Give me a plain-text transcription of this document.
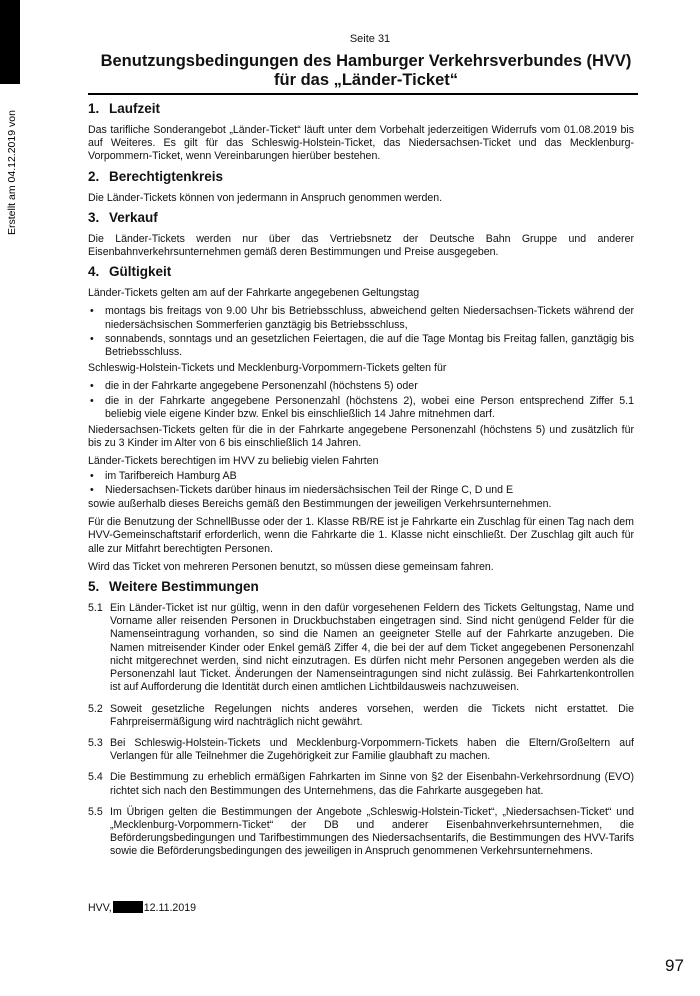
Erstellt am 04.12.2019 von
Seite 31
Benutzungsbedingungen des Hamburger Verkehrsverbundes (HVV)
für das „Länder-Ticket“
1. Laufzeit

Das tarifliche Sonderangebot „Länder-Ticket“ läuft unter dem Vorbehalt jederzeitigen Widerrufs vom 01.08.2019 bis auf Weiteres. Es gilt für das Schleswig-Holstein-Ticket, das Niedersachsen-Ticket und das Mecklenburg-Vorpommern-Ticket, wenn Vereinbarungen hierüber bestehen.

2. Berechtigtenkreis

Die Länder-Tickets können von jedermann in Anspruch genommen werden.

3. Verkauf

Die Länder-Tickets werden nur über das Vertriebsnetz der Deutsche Bahn Gruppe und anderer Eisenbahnverkehrsunternehmen gemäß deren Bestimmungen und Preise ausgegeben.

4. Gültigkeit

Länder-Tickets gelten am auf der Fahrkarte angegebenen Geltungstag

• montags bis freitags von 9.00 Uhr bis Betriebsschluss, abweichend gelten Niedersachsen-Tickets während der niedersächsischen Sommerferien ganztägig bis Betriebsschluss,
• sonnabends, sonntags und an gesetzlichen Feiertagen, die auf die Tage Montag bis Freitag fallen, ganztägig bis Betriebsschluss.

Schleswig-Holstein-Tickets und Mecklenburg-Vorpommern-Tickets gelten für

• die in der Fahrkarte angegebene Personenzahl (höchstens 5) oder
• die in der Fahrkarte angegebene Personenzahl (höchstens 2), wobei eine Person entsprechend Ziffer 5.1 beliebig viele eigene Kinder bzw. Enkel bis einschließlich 14 Jahre mitnehmen darf.

Niedersachsen-Tickets gelten für die in der Fahrkarte angegebene Personenzahl (höchstens 5) und zusätzlich für bis zu 3 Kinder im Alter von 6 bis einschließlich 14 Jahren.

Länder-Tickets berechtigen im HVV zu beliebig vielen Fahrten

• im Tarifbereich Hamburg AB
• Niedersachsen-Tickets darüber hinaus im niedersächsischen Teil der Ringe C, D und E

sowie außerhalb dieses Bereichs gemäß den Bestimmungen der jeweiligen Verkehrsunternehmen.

Für die Benutzung der SchnellBusse oder der 1. Klasse RB/RE ist je Fahrkarte ein Zuschlag für einen Tag nach dem HVV-Gemeinschaftstarif erforderlich, wenn die Fahrkarte die 1. Klasse nicht einschließt. Der Zuschlag gilt auch für alle zur Mitfahrt berechtigten Personen.

Wird das Ticket von mehreren Personen benutzt, so müssen diese gemeinsam fahren.

5. Weitere Bestimmungen
5.1 Ein Länder-Ticket ist nur gültig, wenn in den dafür vorgesehenen Feldern des Tickets Geltungstag, Name und Vorname aller reisenden Personen in Druckbuchstaben eingetragen sind. Sind nicht genügend Felder für die Namenseintragung vorhanden, so sind die Namen an geeigneter Stelle auf der Fahrkarte anzugeben. Die Namen mitreisender Kinder oder Enkel gemäß Ziffer 4, die bei der auf dem Ticket angegebenen Personenzahl nicht mitgerechnet werden, sind nicht einzutragen. Es dürfen nicht mehr Personen angegeben werden als die Personenzahl laut Ticket. Änderungen der Namenseintragungen sind nicht zulässig. Bei Fahrkartenkontrollen ist auf Aufforderung die Identität durch einen amtlichen Lichtbildausweis nachzuweisen.
5.2 Soweit gesetzliche Regelungen nichts anderes vorsehen, werden die Tickets nicht erstattet. Die Fahrpreisermäßigung wird nachträglich nicht gewährt.
5.3 Bei Schleswig-Holstein-Tickets und Mecklenburg-Vorpommern-Tickets haben die Eltern/Großeltern auf Verlangen für alle Teilnehmer die Zugehörigkeit zur Familie glaubhaft zu machen.
5.4 Die Bestimmung zu erheblich ermäßigen Fahrkarten im Sinne von §2 der Eisenbahn-Verkehrsordnung (EVO) richtet sich nach den Bestimmungen des Unternehmens, das die Fahrkarte ausgegeben hat.
5.5 Im Übrigen gelten die Bestimmungen der Angebote „Schleswig-Holstein-Ticket“, „Niedersachsen-Ticket“ und „Mecklenburg-Vorpommern-Ticket“ der DB und anderer Eisenbahnverkehrsunternehmen, die Beförderungsbedingungen und Tarifbestimmungen des Niedersachsentarifs, die Bestimmungen des HVV-Tarifs sowie die Beförderungsbedingungen des jeweiligen in Anspruch genommenen Verkehrsunternehmens.
HVV,	12.11.2019
97
